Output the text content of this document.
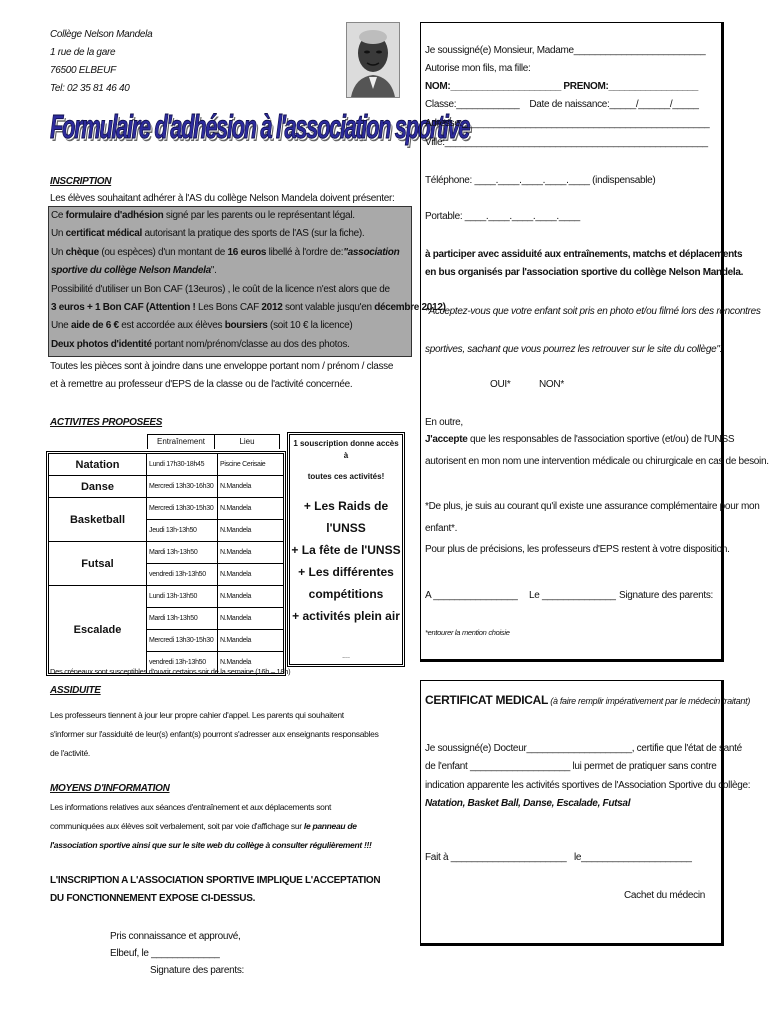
Collège Nelson Mandela
1 rue de la gare
76500 ELBEUF
Tel: 02 35 81 46 40
Formulaire d'adhésion à l'association sportive
INSCRIPTION
Les élèves souhaitant adhérer à l'AS du collège Nelson Mandela doivent présenter:
Ce formulaire d'adhésion signé par les parents ou le représentant légal.
Un certificat médical autorisant la pratique des sports de l'AS (sur la fiche).
Un chèque (ou espèces) d'un montant de 16 euros libellé à l'ordre de:"association
sportive du collège Nelson Mandela".
Possibilité d'utiliser un Bon CAF (13euros) , le coût de la licence n'est alors que de
3 euros + 1 Bon CAF (Attention ! Les Bons CAF 2012 sont valable jusqu'en décembre 2012)
Une aide de 6 € est accordée aux élèves boursiers (soit 10 € la licence)
Deux photos d'identité portant nom/prénom/classe au dos des photos.
Toutes les pièces sont à joindre dans une enveloppe portant nom / prénom / classe
et à remettre au professeur d'EPS de la classe ou de l'activité concernée.
ACTIVITES PROPOSEES
Entraînement	Lieu
Natation	Lundi 17h30-18h45	Piscine Cerisaie
Danse	Mercredi 13h30-16h30 N.Mandela
Basketball
Mercredi 13h30-15h30 N.Mandela
Jeudi 13h-13h50	N.Mandela
Futsal
Mardi 13h-13h50	N.Mandela
vendredi 13h-13h50	N.Mandela
Escalade
Lundi 13h-13h50	N.Mandela
Mardi 13h-13h50	N.Mandela
Mercredi 13h30-15h30 N.Mandela
vendredi 13h-13h50	N.Mandela
1 souscription donne accès à
toutes ces activités!
+ Les Raids de l'UNSS
+ La fête de l'UNSS
+ Les différentes
compétitions
+ activités plein air
....
Des créneaux sont susceptibles d'ouvrir certains soir de la semaine (16h – 18h)
ASSIDUITE
Les professeurs tiennent à jour leur propre cahier d'appel. Les parents qui souhaitent
s'informer sur l'assiduité de leur(s) enfant(s) pourront s'adresser aux enseignants responsables
de l'activité.
MOYENS D'INFORMATION
Les informations relatives aux séances d'entraînement et aux déplacements sont
communiquées aux élèves soit verbalement, soit par voie d'affichage sur le panneau de
l'association sportive ainsi que sur le site web du collège à consulter régulièrement !!!
L'INSCRIPTION A L'ASSOCIATION SPORTIVE IMPLIQUE L'ACCEPTATION
DU FONCTIONNEMENT EXPOSE CI-DESSUS.
Pris connaissance et approuvé,
Elbeuf, le _____________
Signature des parents:
Je soussigné(e) Monsieur, Madame_________________________
Autorise mon fils, ma fille:
NOM:_____________________ PRENOM:_________________
Classe:____________ Date de naissance:_____/______/_____
Adresse:_______________________________________________
Ville:__________________________________________________
Téléphone: ____.____.____.____.____ (indispensable)
Portable: ____.____.____.____.____
à participer avec assiduité aux entraînements, matchs et déplacements
en bus organisés par l'association sportive du collège Nelson Mandela.
*Acceptez-vous que votre enfant soit pris en photo et/ou filmé lors des rencontres
sportives, sachant que vous pourrez les retrouver sur le site du collège":
OUI*	NON*
En outre,
J'accepte que les responsables de l'association sportive (et/ou) de l'UNSS
autorisent en mon nom une intervention médicale ou chirurgicale en cas de besoin.
*De plus, je suis au courant qu'il existe une assurance complémentaire pour mon
enfant*.
Pour plus de précisions, les professeurs d'EPS restent à votre disposition.
A ________________ Le ______________ Signature des parents:
*entourer la mention choisie
CERTIFICAT MEDICAL (à faire remplir impérativement par le médecin traitant)
Je soussigné(e) Docteur____________________, certifie que l'état de santé
de l'enfant ___________________ lui permet de pratiquer sans contre
indication apparente les activités sportives de l'Association Sportive du collège:
Natation, Basket Ball, Danse, Escalade, Futsal
Fait à ______________________ le_____________________
Cachet du médecin
